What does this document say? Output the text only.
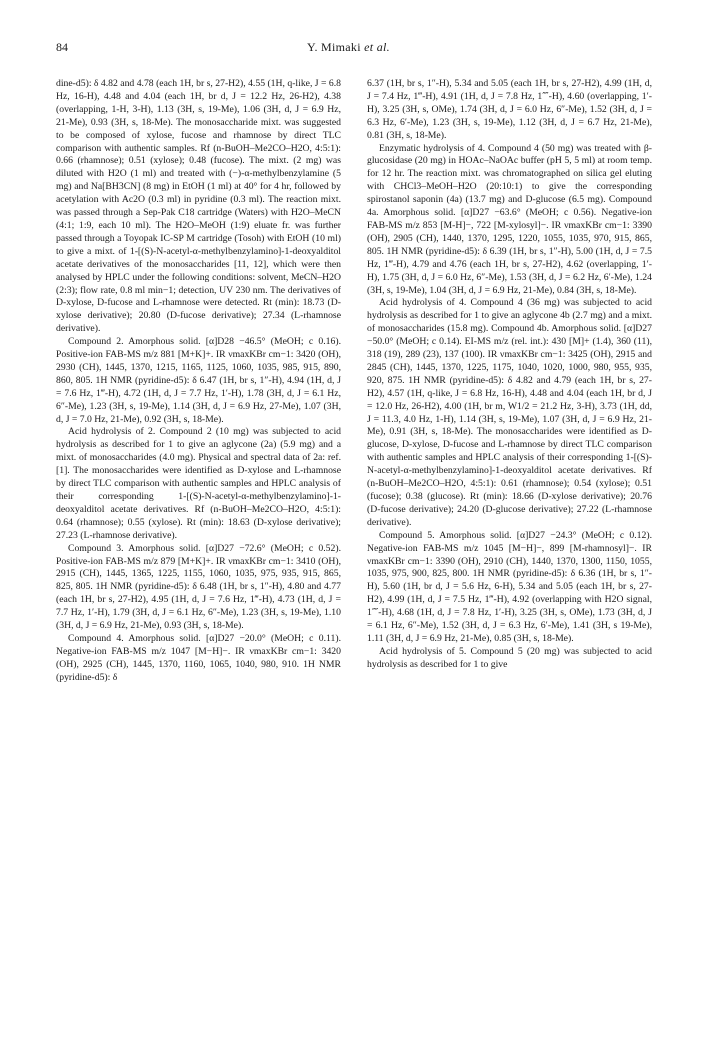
84	Y. Mimaki et al.

dine-d5): δ 4.82 and 4.78 (each 1H, br s, 27-H2), 4.55 (1H, q-like, J = 6.8 Hz, 16-H), 4.48 and 4.04 (each 1H, br d, J = 12.2 Hz, 26-H2), 4.38 (overlapping, 1-H, 3-H), 1.13 (3H, s, 19-Me), 1.06 (3H, d, J = 6.9 Hz, 21-Me), 0.93 (3H, s, 18-Me). The monosaccharide mixt. was suggested to be composed of xylose, fucose and rhamnose by direct TLC comparison with authentic samples. Rf (n-BuOH–Me2CO–H2O, 4:5:1): 0.66 (rhamnose); 0.51 (xylose); 0.48 (fucose). The mixt. (2 mg) was diluted with H2O (1 ml) and treated with (−)-α-methylbenzylamine (5 mg) and Na[BH3CN] (8 mg) in EtOH (1 ml) at 40° for 4 hr, followed by acetylation with Ac2O (0.3 ml) in pyridine (0.3 ml). The reaction mixt. was passed through a Sep-Pak C18 cartridge (Waters) with H2O–MeCN (4:1; 1:9, each 10 ml). The H2O–MeOH (1:9) eluate fr. was further passed through a Toyopak IC-SP M cartridge (Tosoh) with EtOH (10 ml) to give a mixt. of 1-[(S)-N-acetyl-α-methylbenzylamino]-1-deoxyalditol acetate derivatives of the monosaccharides [11, 12], which were then analysed by HPLC under the following conditions: solvent, MeCN–H2O (2:3); flow rate, 0.8 ml min−1; detection, UV 230 nm. The derivatives of D-xylose, D-fucose and L-rhamnose were detected. Rt (min): 18.73 (D-xylose derivative); 20.80 (D-fucose derivative); 27.34 (L-rhamnose derivative).

Compound 2. Amorphous solid. [α]D28 −46.5° (MeOH; c 0.16). Positive-ion FAB-MS m/z 881 [M+K]+. IR νmaxKBr cm−1: 3420 (OH), 2930 (CH), 1445, 1370, 1215, 1165, 1125, 1060, 1035, 985, 915, 890, 860, 805. 1H NMR (pyridine-d5): δ 6.47 (1H, br s, 1″-H), 4.94 (1H, d, J = 7.6 Hz, 1‴-H), 4.72 (1H, d, J = 7.7 Hz, 1′-H), 1.78 (3H, d, J = 6.1 Hz, 6″-Me), 1.23 (3H, s, 19-Me), 1.14 (3H, d, J = 6.9 Hz, 27-Me), 1.07 (3H, d, J = 7.0 Hz, 21-Me), 0.92 (3H, s, 18-Me).

Acid hydrolysis of 2. Compound 2 (10 mg) was subjected to acid hydrolysis as described for 1 to give an aglycone (2a) (5.9 mg) and a mixt. of monosaccharides (4.0 mg). Physical and spectral data of 2a: ref. [1]. The monosaccharides were identified as D-xylose and L-rhamnose by direct TLC comparison with authentic samples and HPLC analysis of their corresponding 1-[(S)-N-acetyl-α-methylbenzylamino]-1-deoxyalditol acetate derivatives. Rf (n-BuOH–Me2CO–H2O, 4:5:1): 0.64 (rhamnose); 0.55 (xylose). Rt (min): 18.63 (D-xylose derivative); 27.23 (L-rhamnose derivative).

Compound 3. Amorphous solid. [α]D27 −72.6° (MeOH; c 0.52). Positive-ion FAB-MS m/z 879 [M+K]+. IR νmaxKBr cm−1: 3410 (OH), 2915 (CH), 1445, 1365, 1225, 1155, 1060, 1035, 975, 935, 915, 865, 825, 805. 1H NMR (pyridine-d5): δ 6.48 (1H, br s, 1″-H), 4.80 and 4.77 (each 1H, br s, 27-H2), 4.95 (1H, d, J = 7.6 Hz, 1‴-H), 4.73 (1H, d, J = 7.7 Hz, 1′-H), 1.79 (3H, d, J = 6.1 Hz, 6″-Me), 1.23 (3H, s, 19-Me), 1.10 (3H, d, J = 6.9 Hz, 21-Me), 0.93 (3H, s, 18-Me).

Compound 4. Amorphous solid. [α]D27 −20.0° (MeOH; c 0.11). Negative-ion FAB-MS m/z 1047 [M−H]−. IR νmaxKBr cm−1: 3420 (OH), 2925 (CH), 1445, 1370, 1160, 1065, 1040, 980, 910. 1H NMR (pyridine-d5): δ

6.37 (1H, br s, 1″-H), 5.34 and 5.05 (each 1H, br s, 27-H2), 4.99 (1H, d, J = 7.4 Hz, 1‴-H), 4.91 (1H, d, J = 7.8 Hz, 1⁗-H), 4.60 (overlapping, 1′-H), 3.25 (3H, s, OMe), 1.74 (3H, d, J = 6.0 Hz, 6″-Me), 1.52 (3H, d, J = 6.3 Hz, 6′-Me), 1.23 (3H, s, 19-Me), 1.12 (3H, d, J = 6.7 Hz, 21-Me), 0.81 (3H, s, 18-Me).

Enzymatic hydrolysis of 4. Compound 4 (50 mg) was treated with β-glucosidase (20 mg) in HOAc–NaOAc buffer (pH 5, 5 ml) at room temp. for 12 hr. The reaction mixt. was chromatographed on silica gel eluting with CHCl3–MeOH–H2O (20:10:1) to give the corresponding spirostanol saponin (4a) (13.7 mg) and D-glucose (6.5 mg). Compound 4a. Amorphous solid. [α]D27 −63.6° (MeOH; c 0.56). Negative-ion FAB-MS m/z 853 [M-H]−, 722 [M-xylosyl]−. IR νmaxKBr cm−1: 3390 (OH), 2905 (CH), 1440, 1370, 1295, 1220, 1055, 1035, 970, 915, 865, 805. 1H NMR (pyridine-d5): δ 6.39 (1H, br s, 1″-H), 5.00 (1H, d, J = 7.5 Hz, 1‴-H), 4.79 and 4.76 (each 1H, br s, 27-H2), 4.62 (overlapping, 1′-H), 1.75 (3H, d, J = 6.0 Hz, 6″-Me), 1.53 (3H, d, J = 6.2 Hz, 6′-Me), 1.24 (3H, s, 19-Me), 1.04 (3H, d, J = 6.9 Hz, 21-Me), 0.84 (3H, s, 18-Me).

Acid hydrolysis of 4. Compound 4 (36 mg) was subjected to acid hydrolysis as described for 1 to give an aglycone 4b (2.7 mg) and a mixt. of monosaccharides (15.8 mg). Compound 4b. Amorphous solid. [α]D27 −50.0° (MeOH; c 0.14). EI-MS m/z (rel. int.): 430 [M]+ (1.4), 360 (11), 318 (19), 289 (23), 137 (100). IR νmaxKBr cm−1: 3425 (OH), 2915 and 2845 (CH), 1445, 1370, 1225, 1175, 1040, 1020, 1000, 980, 955, 935, 920, 875. 1H NMR (pyridine-d5): δ 4.82 and 4.79 (each 1H, br s, 27-H2), 4.57 (1H, q-like, J = 6.8 Hz, 16-H), 4.48 and 4.04 (each 1H, br d, J = 12.0 Hz, 26-H2), 4.00 (1H, br m, W1/2 = 21.2 Hz, 3-H), 3.73 (1H, dd, J = 11.3, 4.0 Hz, 1-H), 1.14 (3H, s, 19-Me), 1.07 (3H, d, J = 6.9 Hz, 21-Me), 0.91 (3H, s, 18-Me). The monosaccharides were identified as D-glucose, D-xylose, D-fucose and L-rhamnose by direct TLC comparison with authentic samples and HPLC analysis of their corresponding 1-[(S)-N-acetyl-α-methylbenzylamino]-1-deoxyalditol acetate derivatives. Rf (n-BuOH–Me2CO–H2O, 4:5:1): 0.61 (rhamnose); 0.54 (xylose); 0.51 (fucose); 0.38 (glucose). Rt (min): 18.66 (D-xylose derivative); 20.76 (D-fucose derivative); 24.20 (D-glucose derivative); 27.22 (L-rhamnose derivative).

Compound 5. Amorphous solid. [α]D27 −24.3° (MeOH; c 0.12). Negative-ion FAB-MS m/z 1045 [M−H]−, 899 [M-rhamnosyl]−. IR νmaxKBr cm−1: 3390 (OH), 2910 (CH), 1440, 1370, 1300, 1150, 1055, 1035, 975, 900, 825, 800. 1H NMR (pyridine-d5): δ 6.36 (1H, br s, 1″-H), 5.60 (1H, br d, J = 5.6 Hz, 6-H), 5.34 and 5.05 (each 1H, br s, 27-H2), 4.99 (1H, d, J = 7.5 Hz, 1‴-H), 4.92 (overlapping with H2O signal, 1⁗-H), 4.68 (1H, d, J = 7.8 Hz, 1′-H), 3.25 (3H, s, OMe), 1.73 (3H, d, J = 6.1 Hz, 6″-Me), 1.52 (3H, d, J = 6.3 Hz, 6′-Me), 1.41 (3H, s 19-Me), 1.11 (3H, d, J = 6.9 Hz, 21-Me), 0.85 (3H, s, 18-Me).

Acid hydrolysis of 5. Compound 5 (20 mg) was subjected to acid hydrolysis as described for 1 to give
